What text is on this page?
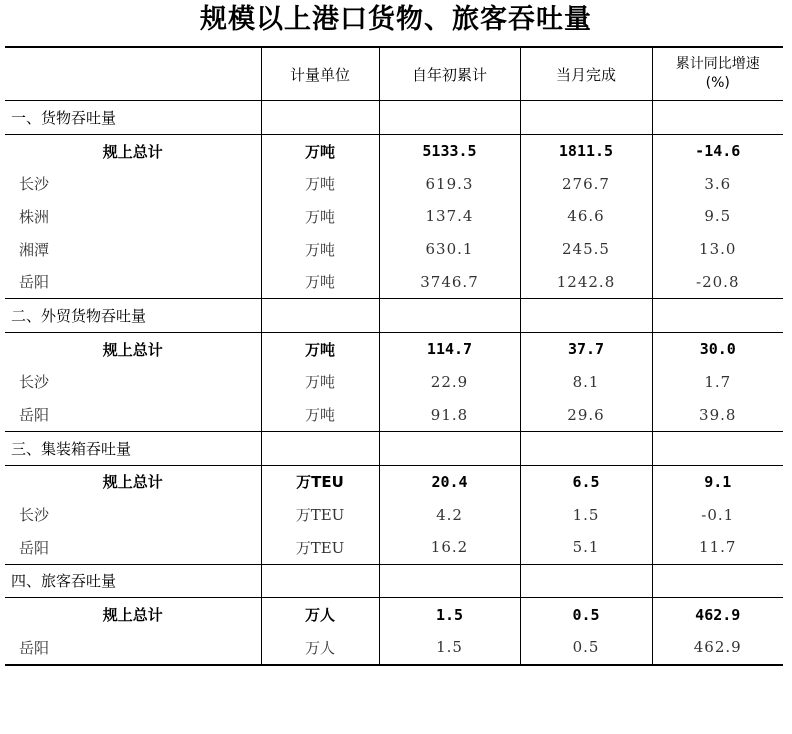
规模以上港口货物、旅客吞吐量
	计量单位	自年初累计	当月完成	累计同比增速
(%)

一、货物吞吐量				
规上总计	万吨	5133.5	1811.5	-14.6
长沙	万吨	619.3	276.7	3.6
株洲	万吨	137.4	46.6	9.5
湘潭	万吨	630.1	245.5	13.0
岳阳	万吨	3746.7	1242.8	-20.8
二、外贸货物吞吐量				
规上总计	万吨	114.7	37.7	30.0
长沙	万吨	22.9	8.1	1.7
岳阳	万吨	91.8	29.6	39.8
三、集装箱吞吐量				
规上总计	万TEU	20.4	6.5	9.1
长沙	万TEU	4.2	1.5	-0.1
岳阳	万TEU	16.2	5.1	11.7
四、旅客吞吐量				
规上总计	万人	1.5	0.5	462.9
岳阳	万人	1.5	0.5	462.9
